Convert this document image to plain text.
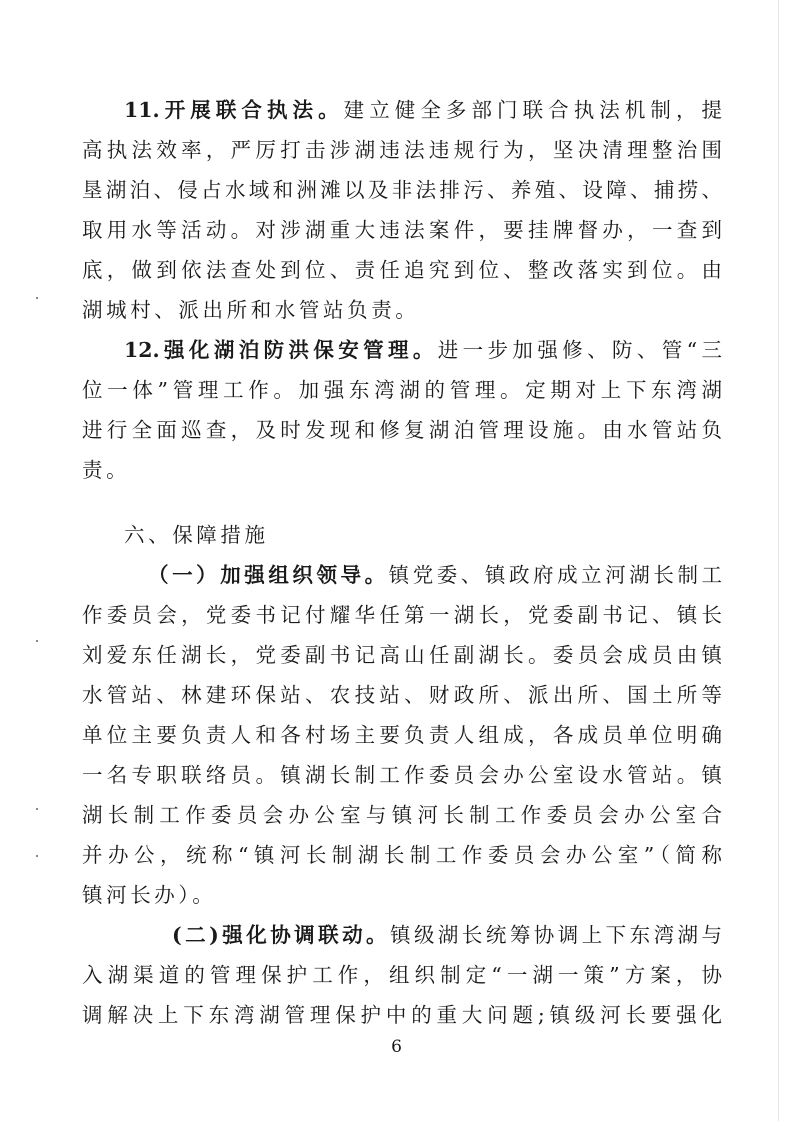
11.开展联合执法。建立健全多部门联合执法机制，提
高执法效率，严厉打击涉湖违法违规行为，坚决清理整治围
垦湖泊、侵占水域和洲滩以及非法排污、养殖、设障、捕捞、
取用水等活动。对涉湖重大违法案件，要挂牌督办，一查到
底，做到依法查处到位、责任追究到位、整改落实到位。由
湖城村、派出所和水管站负责。
12.强化湖泊防洪保安管理。进一步加强修、防、管“三
位一体”管理工作。加强东湾湖的管理。定期对上下东湾湖
进行全面巡查，及时发现和修复湖泊管理设施。由水管站负
责。
六、保障措施
（一）加强组织领导。镇党委、镇政府成立河湖长制工
作委员会，党委书记付耀华任第一湖长，党委副书记、镇长
刘爱东任湖长，党委副书记高山任副湖长。委员会成员由镇
水管站、林建环保站、农技站、财政所、派出所、国土所等
单位主要负责人和各村场主要负责人组成，各成员单位明确
一名专职联络员。镇湖长制工作委员会办公室设水管站。镇
湖长制工作委员会办公室与镇河长制工作委员会办公室合
并办公，统称“镇河长制湖长制工作委员会办公室”（简称
镇河长办）。
(二)强化协调联动。镇级湖长统筹协调上下东湾湖与
入湖渠道的管理保护工作，组织制定“一湖一策”方案，协
调解决上下东湾湖管理保护中的重大问题;镇级河长要强化
6
